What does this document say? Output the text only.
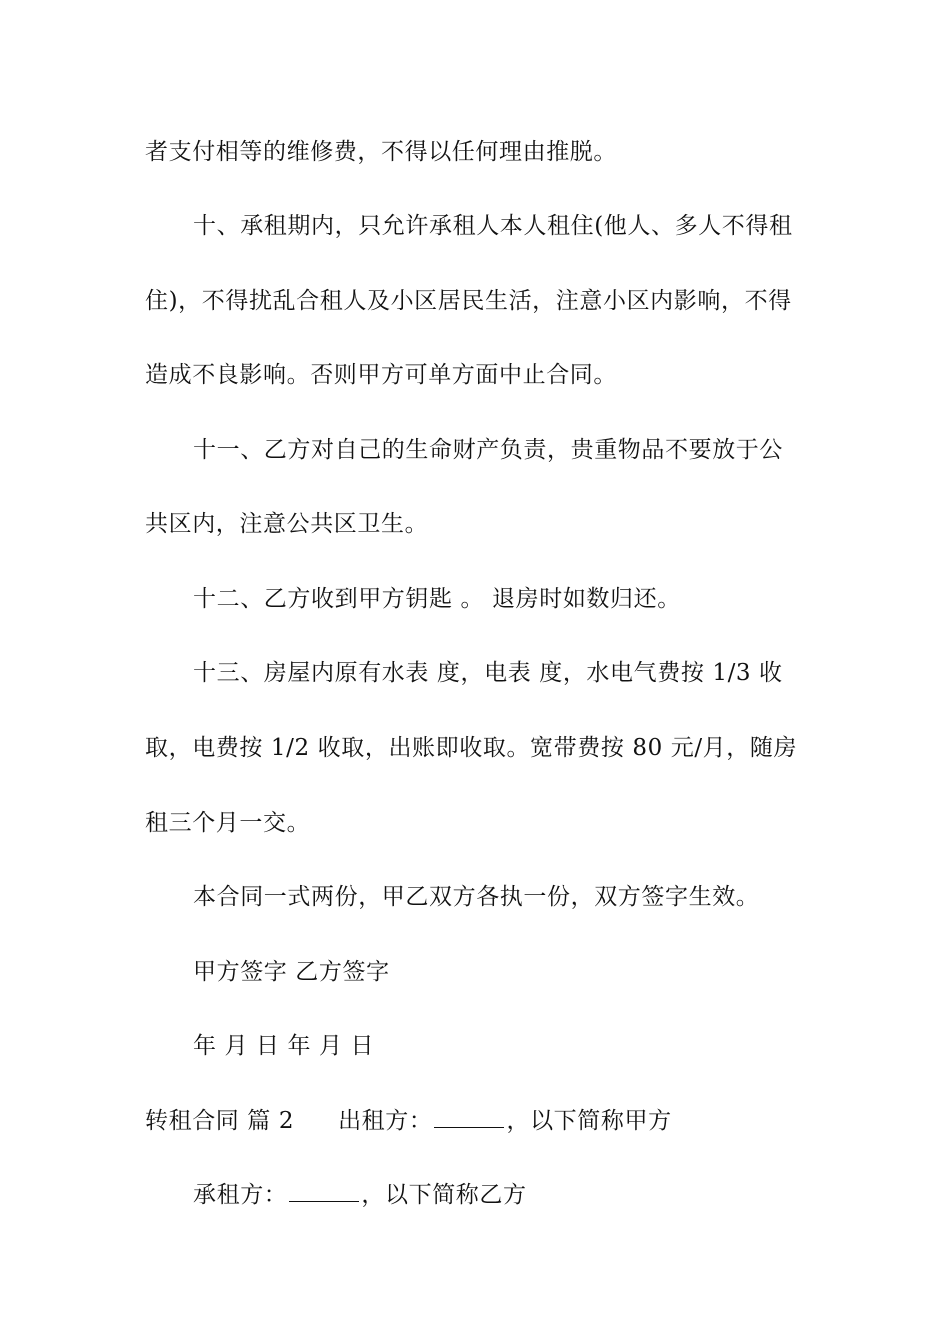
者支付相等的维修费，不得以任何理由推脱。
十、承租期内，只允许承租人本人租住(他人、多人不得租
住)，不得扰乱合租人及小区居民生活，注意小区内影响，不得
造成不良影响。否则甲方可单方面中止合同。
十一、乙方对自己的生命财产负责，贵重物品不要放于公
共区内，注意公共区卫生。
十二、乙方收到甲方钥匙 。 退房时如数归还。
十三、房屋内原有水表 度，电表 度，水电气费按 1/3 收
取，电费按 1/2 收取，出账即收取。宽带费按 80 元/月，随房
租三个月一交。
本合同一式两份，甲乙双方各执一份，双方签字生效。
甲方签字 乙方签字
年 月 日 年 月 日
转租合同 篇 2 出租方：	，以下简称甲方
承租方：	，以下简称乙方
